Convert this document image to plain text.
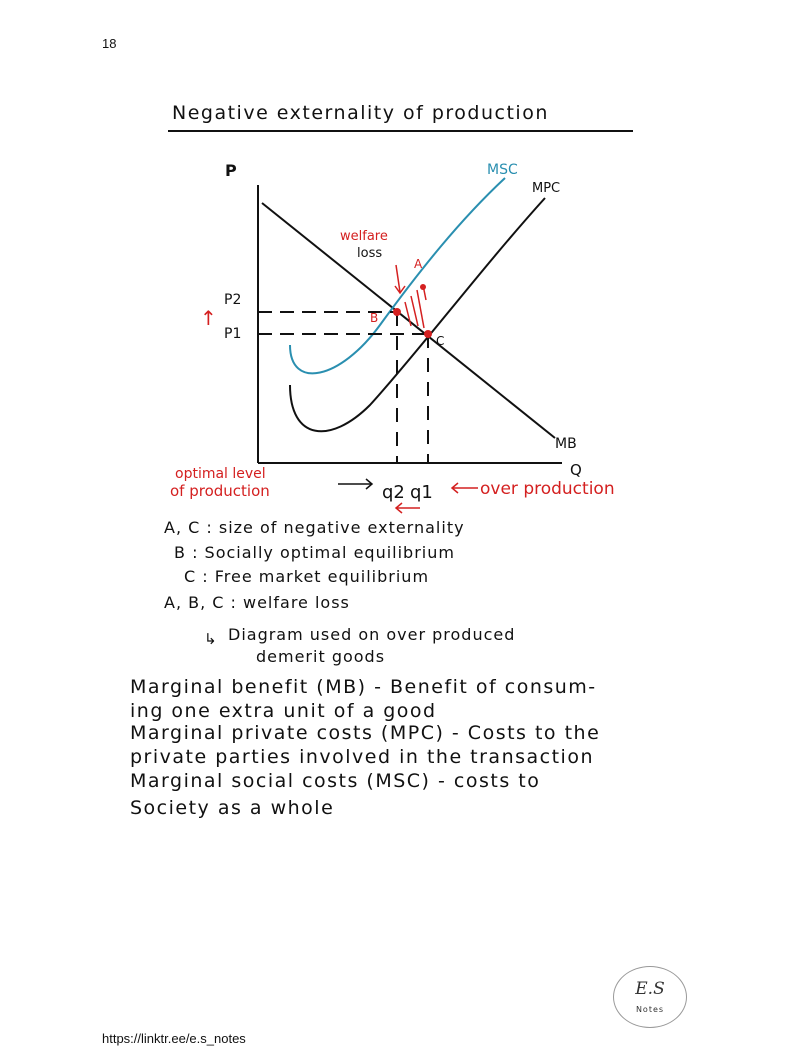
18
Negative externality of production
P
Q
MB
MPC
MSC
A
B
C
welfare
loss
↑
P2
P1
q2 q1
optimal level
of production	over production
A, C : size of negative externality
B : Socially optimal equilibrium
C : Free market equilibrium
A, B, C : welfare loss
↳ Diagram used on over produced
demerit goods
Marginal benefit (MB) - Benefit of consum-
ing one extra unit of a good
Marginal private costs (MPC) - Costs to the
private parties involved in the transaction
Marginal social costs (MSC) - costs to
Society as a whole
E.S
Notes
https://linktr.ee/e.s_notes
